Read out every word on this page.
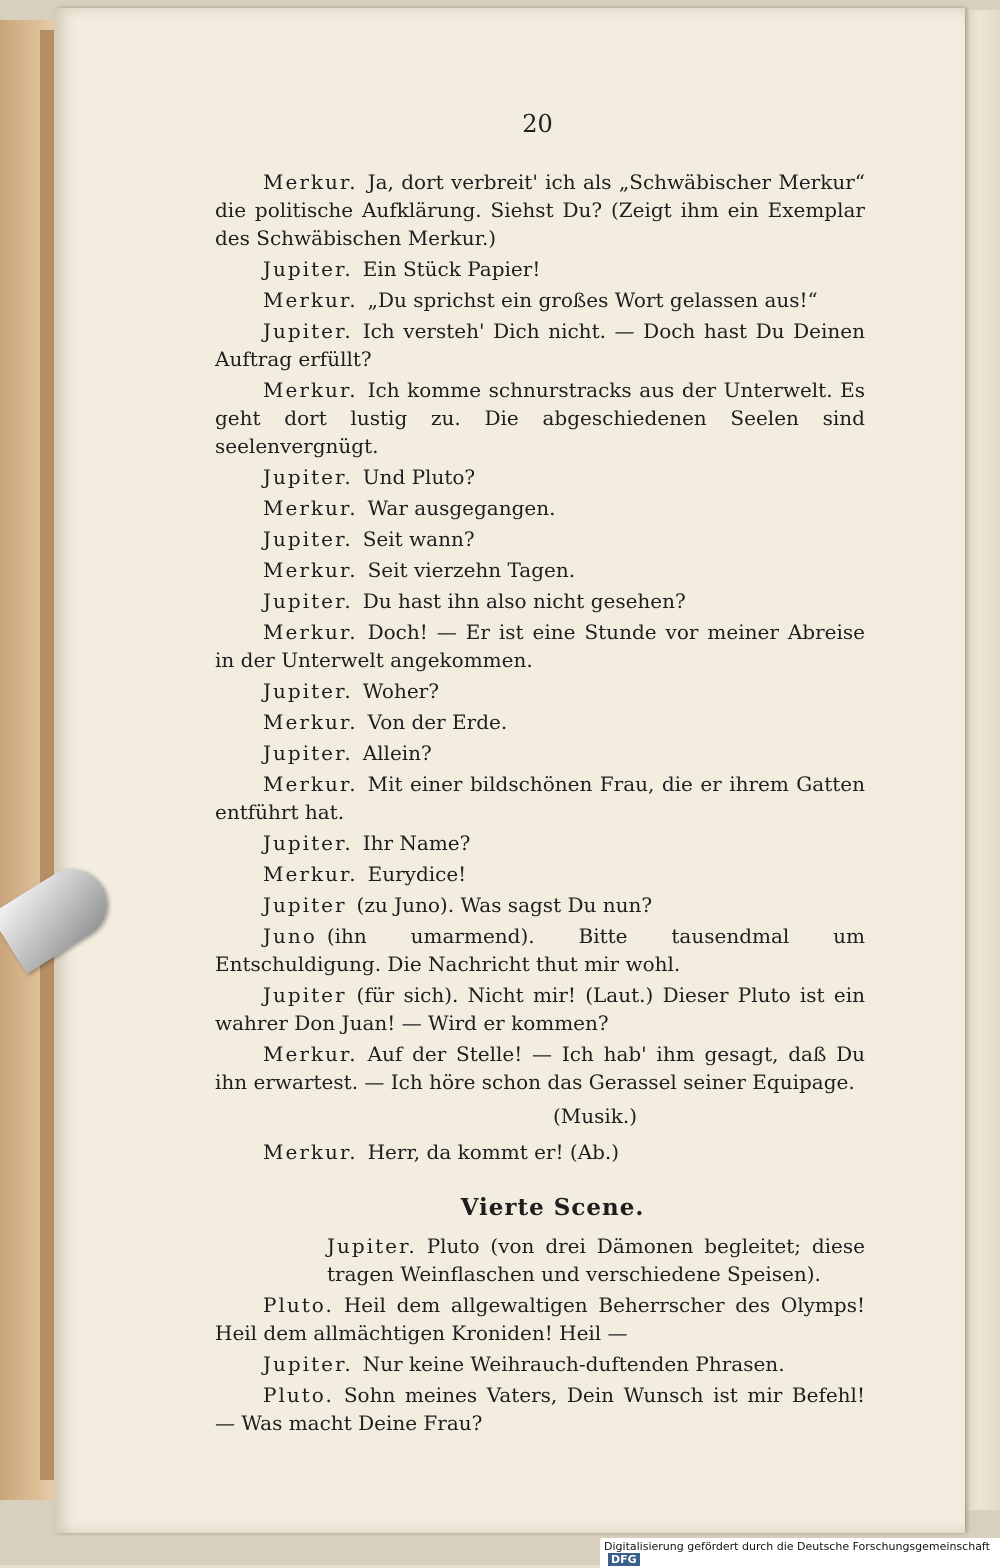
20

Merkur. Ja, dort verbreit' ich als „Schwäbischer Merkur“ die politische Aufklärung. Siehst Du? (Zeigt ihm ein Exemplar des Schwäbischen Merkur.)

Jupiter. Ein Stück Papier!

Merkur. „Du sprichst ein großes Wort gelassen aus!“

Jupiter. Ich versteh' Dich nicht. — Doch hast Du Deinen Auftrag erfüllt?

Merkur. Ich komme schnurstracks aus der Unterwelt. Es geht dort lustig zu. Die abgeschiedenen Seelen sind seelenvergnügt.

Jupiter. Und Pluto?

Merkur. War ausgegangen.

Jupiter. Seit wann?

Merkur. Seit vierzehn Tagen.

Jupiter. Du hast ihn also nicht gesehen?

Merkur. Doch! — Er ist eine Stunde vor meiner Abreise in der Unterwelt angekommen.

Jupiter. Woher?

Merkur. Von der Erde.

Jupiter. Allein?

Merkur. Mit einer bildschönen Frau, die er ihrem Gatten entführt hat.

Jupiter. Ihr Name?

Merkur. Eurydice!

Jupiter (zu Juno). Was sagst Du nun?

Juno (ihn umarmend). Bitte tausendmal um Entschuldigung. Die Nachricht thut mir wohl.

Jupiter (für sich). Nicht mir! (Laut.) Dieser Pluto ist ein wahrer Don Juan! — Wird er kommen?

Merkur. Auf der Stelle! — Ich hab' ihm gesagt, daß Du ihn erwartest. — Ich höre schon das Gerassel seiner Equipage.

(Musik.)

Merkur. Herr, da kommt er! (Ab.)

Vierte Scene.

Jupiter. Pluto (von drei Dämonen begleitet; diese tragen Weinflaschen und verschiedene Speisen).

Pluto. Heil dem allgewaltigen Beherrscher des Olymps! Heil dem allmächtigen Kroniden! Heil —

Jupiter. Nur keine Weihrauch-duftenden Phrasen.

Pluto. Sohn meines Vaters, Dein Wunsch ist mir Befehl! — Was macht Deine Frau?

Digitalisierung gefördert durch die Deutsche Forschungsgemeinschaft DFG
